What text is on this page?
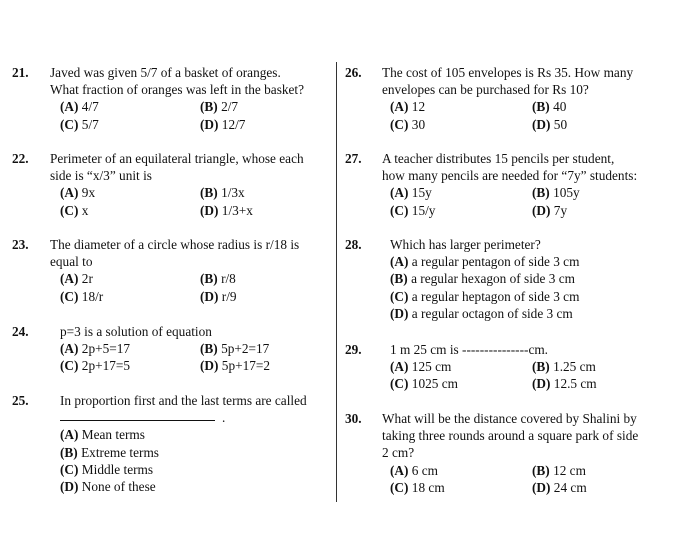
21. Javed was given 5/7 of a basket of oranges.
What fraction of oranges was left in the basket?
(A) 4/7	(B) 2/7
(C) 5/7	(D) 12/7
22. Perimeter of an equilateral triangle, whose each
side is “x/3” unit is
(A) 9x	(B) 1/3x
(C) x	(D) 1/3+x
23. The diameter of a circle whose radius is r/18 is
equal to
(A) 2r	(B) r/8
(C) 18/r	(D) r/9
24. p=3 is a solution of equation
(A) 2p+5=17	(B) 5p+2=17
(C) 2p+17=5	(D) 5p+17=2
25. In proportion first and the last terms are called
.
(A) Mean terms
(B) Extreme terms
(C) Middle terms
(D) None of these
26. The cost of 105 envelopes is Rs 35. How many
envelopes can be purchased for Rs 10?
(A) 12	(B) 40
(C) 30	(D) 50
27. A teacher distributes 15 pencils per student,
how many pencils are needed for “7y” students:
(A) 15y	(B) 105y
(C) 15/y	(D) 7y
28. Which has larger perimeter?
(A) a regular pentagon of side 3 cm
(B) a regular hexagon of side 3 cm
(C) a regular heptagon of side 3 cm
(D) a regular octagon of side 3 cm
29. 1 m 25 cm is ---------------cm.
(A) 125 cm	(B) 1.25 cm
(C) 1025 cm	(D) 12.5 cm
30. What will be the distance covered by Shalini by
taking three rounds around a square park of side
2 cm?
(A) 6 cm	(B) 12 cm
(C) 18 cm	(D) 24 cm
